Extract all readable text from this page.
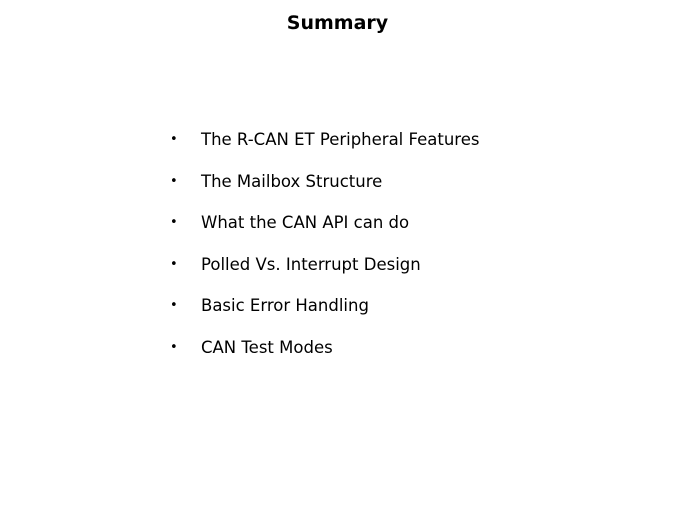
Summary
•	The R-CAN ET Peripheral Features
•	The Mailbox Structure
•	What the CAN API can do
•	Polled Vs. Interrupt Design
•	Basic Error Handling
•	CAN Test Modes
